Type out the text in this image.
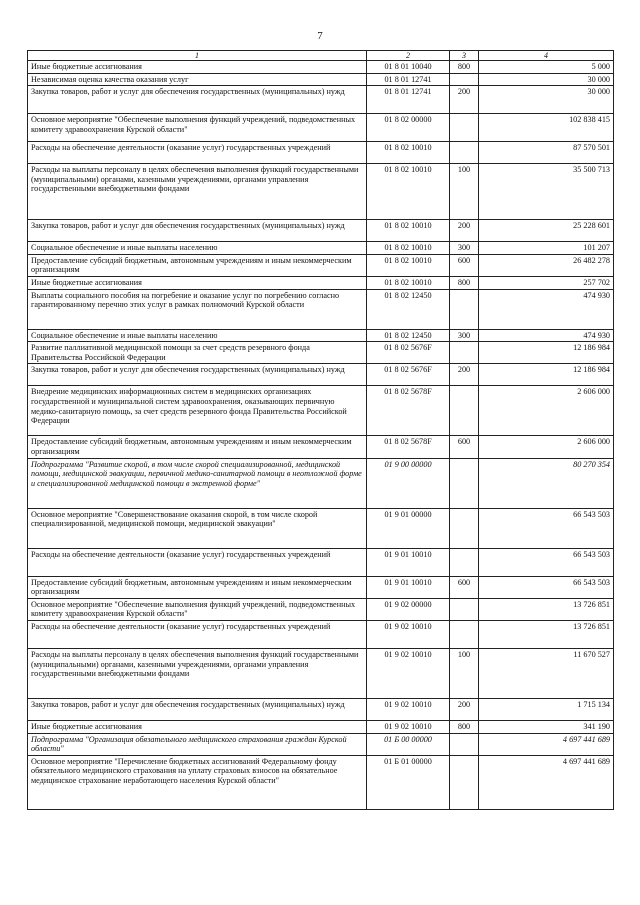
7
1	2	3	4
Иные бюджетные ассигнования	01 8 01 10040	800	5 000
Независимая оценка качества оказания услуг	01 8 01 12741		30 000
Закупка товаров, работ и услуг для обеспечения государственных (муниципальных) нужд	01 8 01 12741	200	30 000
Основное мероприятие "Обеспечение выполнения функций учреждений, подведомственных комитету здравоохранения Курской области"	01 8 02 00000		102 838 415
Расходы на обеспечение деятельности (оказание услуг) государственных учреждений	01 8 02 10010		87 570 501
Расходы на выплаты персоналу в целях обеспечения выполнения функций государственными (муниципальными) органами, казенными учреждениями, органами управления государственными внебюджетными фондами	01 8 02 10010	100	35 500 713
Закупка товаров, работ и услуг для обеспечения государственных (муниципальных) нужд	01 8 02 10010	200	25 228 601
Социальное обеспечение и иные выплаты населению	01 8 02 10010	300	101 207
Предоставление субсидий бюджетным, автономным учреждениям и иным некоммерческим организациям	01 8 02 10010	600	26 482 278
Иные бюджетные ассигнования	01 8 02 10010	800	257 702
Выплаты социального пособия на погребение и оказание услуг по погребению согласно гарантированному перечню этих услуг в рамках полномочий Курской области	01 8 02 12450		474 930
Социальное обеспечение и иные выплаты населению	01 8 02 12450	300	474 930
Развитие паллиативной медицинской помощи за счет средств резервного фонда Правительства Российской Федерации	01 8 02 5676F		12 186 984
Закупка товаров, работ и услуг для обеспечения государственных (муниципальных) нужд	01 8 02 5676F	200	12 186 984
Внедрение медицинских информационных систем в медицинских организациях государственной и муниципальной систем здравоохранения, оказывающих первичную медико-санитарную помощь, за счет средств резервного фонда Правительства Российской Федерации	01 8 02 5678F		2 606 000
Предоставление субсидий бюджетным, автономным учреждениям и иным некоммерческим организациям	01 8 02 5678F	600	2 606 000
Подпрограмма "Развитие скорой, в том числе скорой специализированной, медицинской помощи, медицинской эвакуации, первичной медико-санитарной помощи в неотложной форме и специализированной медицинской помощи в экстренной форме"	01 9 00 00000		80 270 354
Основное мероприятие "Совершенствование оказания скорой, в том числе скорой специализированной, медицинской помощи, медицинской эвакуации"	01 9 01 00000		66 543 503
Расходы на обеспечение деятельности (оказание услуг) государственных учреждений	01 9 01 10010		66 543 503
Предоставление субсидий бюджетным, автономным учреждениям и иным некоммерческим организациям	01 9 01 10010	600	66 543 503
Основное мероприятие "Обеспечение выполнения функций учреждений, подведомственных комитету здравоохранения Курской области"	01 9 02 00000		13 726 851
Расходы на обеспечение деятельности (оказание услуг) государственных учреждений	01 9 02 10010		13 726 851
Расходы на выплаты персоналу в целях обеспечения выполнения функций государственными (муниципальными) органами, казенными учреждениями, органами управления государственными внебюджетными фондами	01 9 02 10010	100	11 670 527
Закупка товаров, работ и услуг для обеспечения государственных (муниципальных) нужд	01 9 02 10010	200	1 715 134
Иные бюджетные ассигнования	01 9 02 10010	800	341 190
Подпрограмма "Организация обязательного медицинского страхования граждан Курской области"	01 Б 00 00000		4 697 441 689
Основное мероприятие "Перечисление бюджетных ассигнований Федеральному фонду обязательного медицинского страхования на уплату страховых взносов на обязательное медицинское страхование неработающего населения Курской области"	01 Б 01 00000		4 697 441 689
